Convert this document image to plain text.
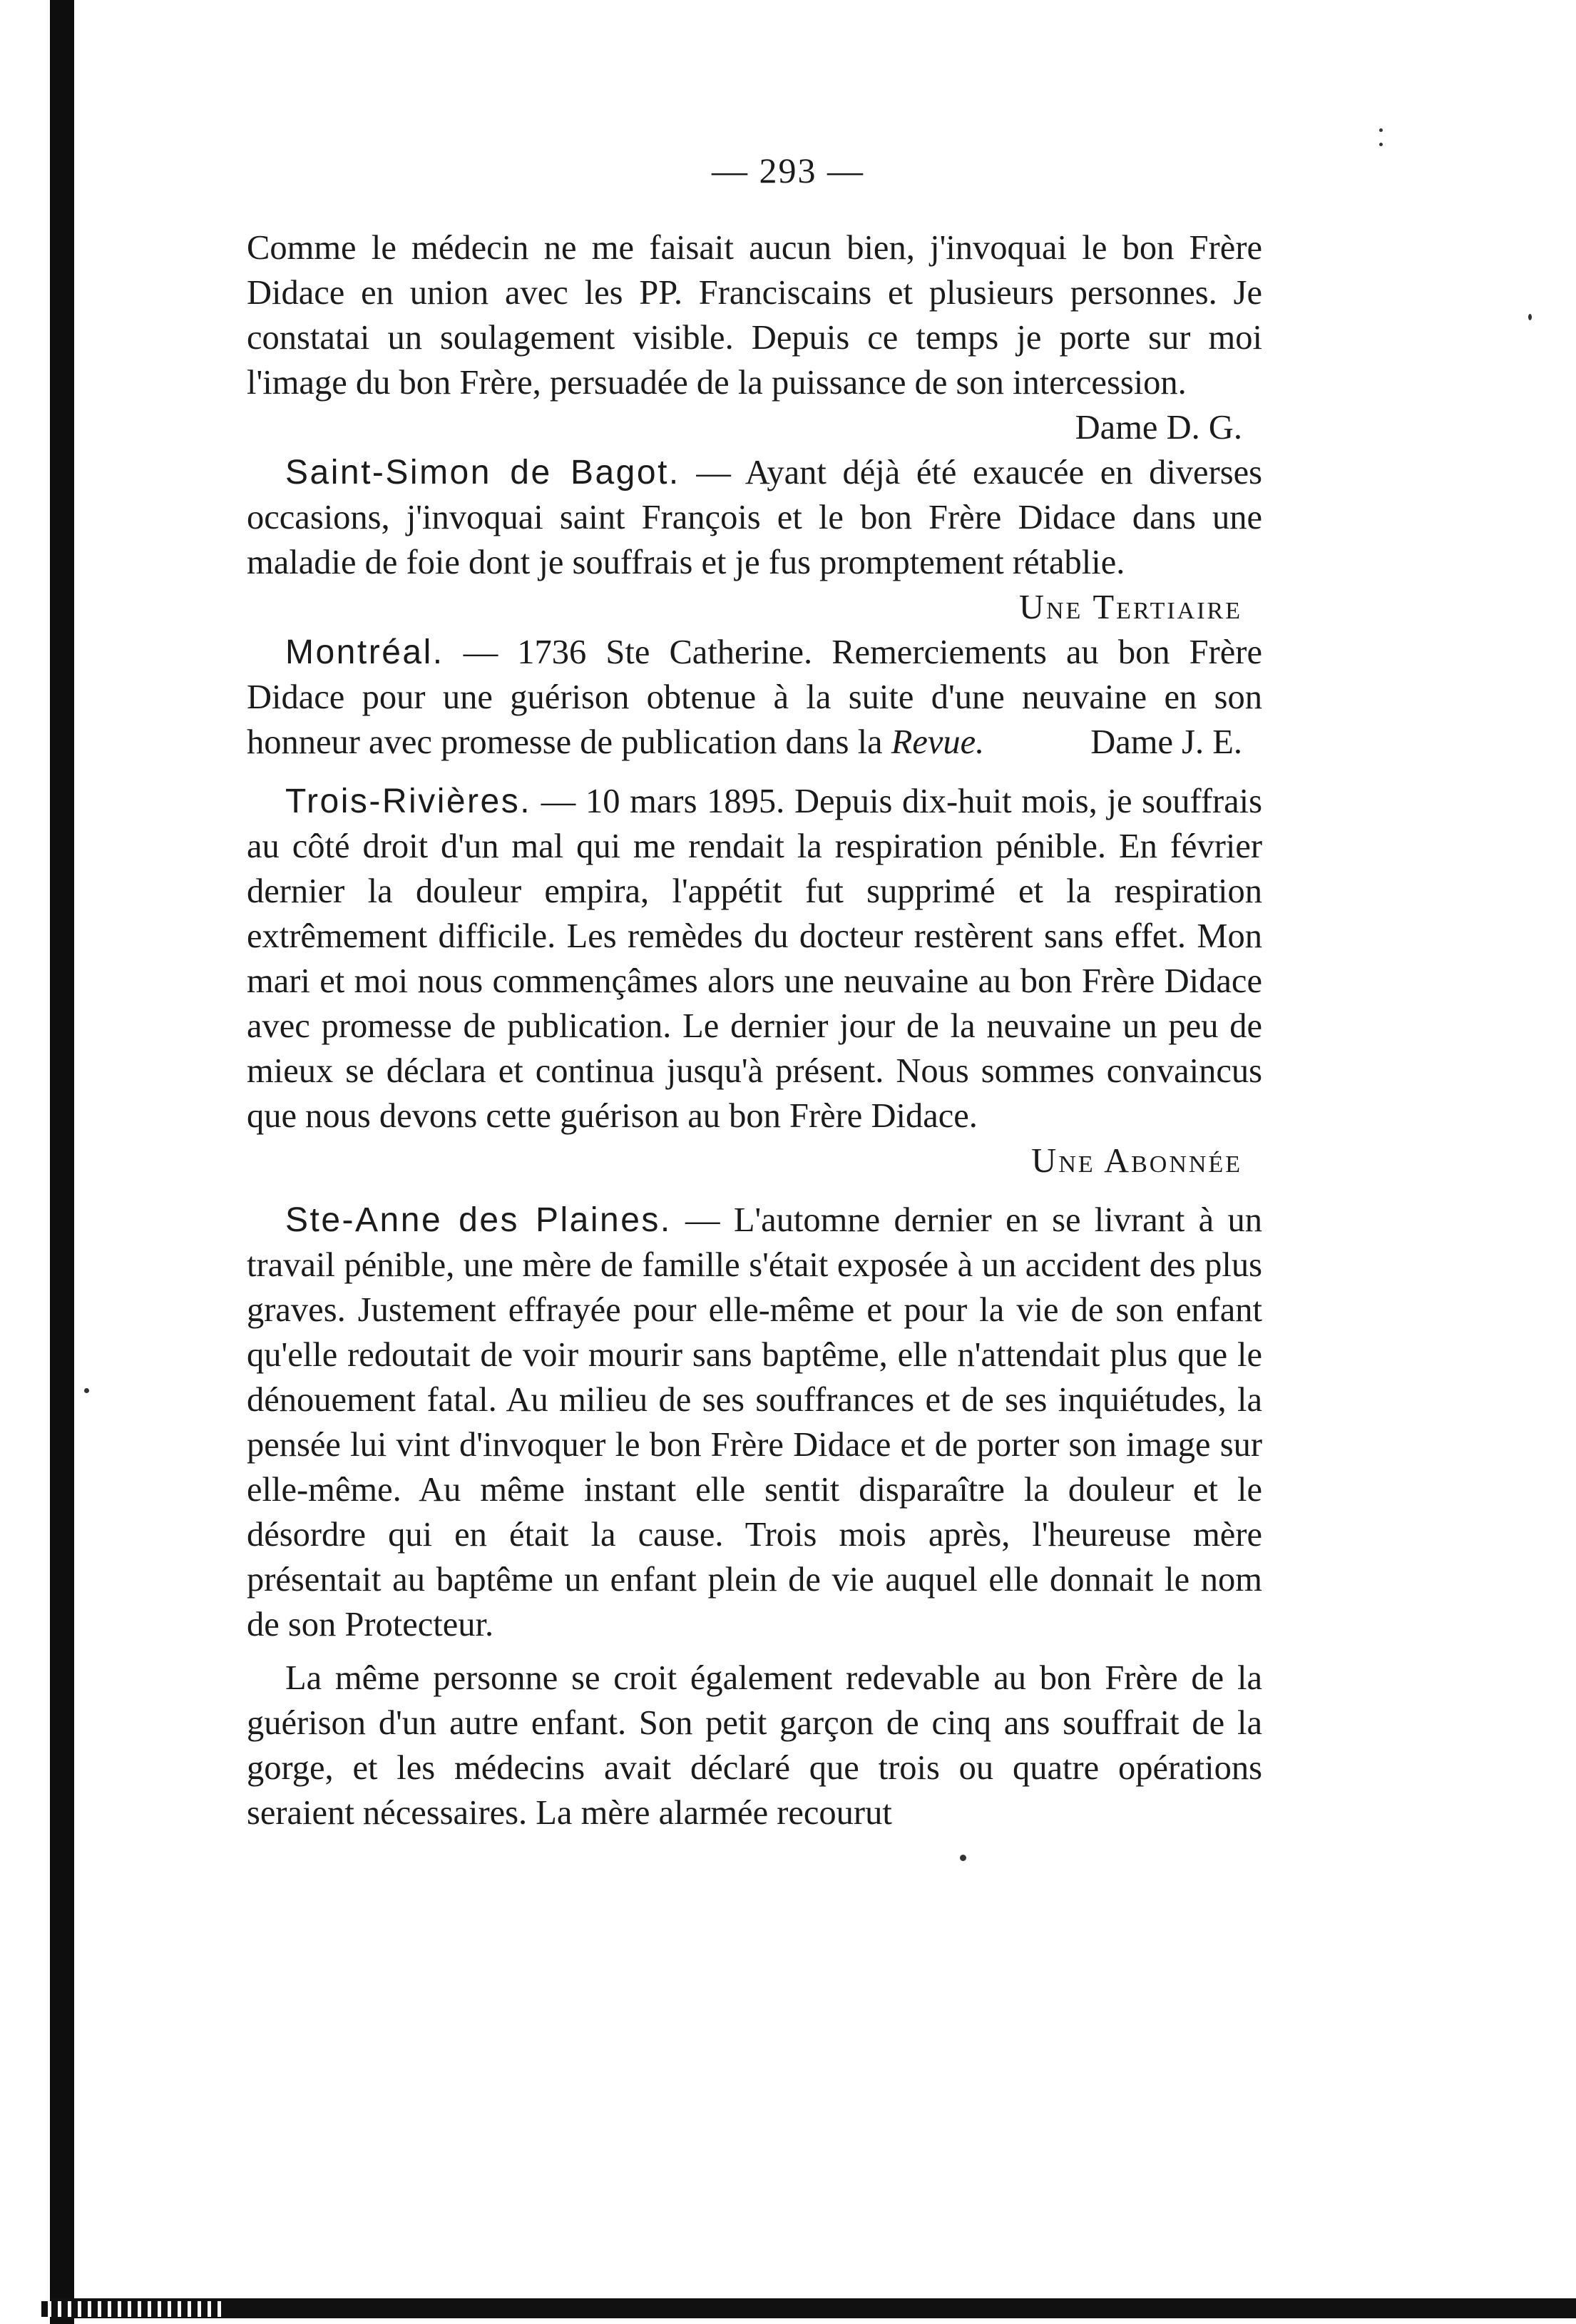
— 293 —

Comme le médecin ne me faisait aucun bien, j'invoquai le bon Frère Didace en union avec les PP. Franciscains et plusieurs personnes. Je constatai un soulagement visible. Depuis ce temps je porte sur moi l'image du bon Frère, persuadée de la puissance de son intercession.
Dame D. G.

Saint-Simon de Bagot. — Ayant déjà été exaucée en diverses occasions, j'invoquai saint François et le bon Frère Didace dans une maladie de foie dont je souffrais et je fus promptement rétablie.
Une Tertiaire

Montréal. — 1736 Ste Catherine. Remerciements au bon Frère Didace pour une guérison obtenue à la suite d'une neuvaine en son honneur avec promesse de publication dans la Revue.	Dame J. E.

Trois-Rivières. — 10 mars 1895. Depuis dix-huit mois, je souffrais au côté droit d'un mal qui me rendait la respiration pénible. En février dernier la douleur empira, l'appétit fut supprimé et la respiration extrêmement difficile. Les remèdes du docteur restèrent sans effet. Mon mari et moi nous commençâmes alors une neuvaine au bon Frère Didace avec promesse de publication. Le dernier jour de la neuvaine un peu de mieux se déclara et continua jusqu'à présent. Nous sommes convaincus que nous devons cette guérison au bon Frère Didace.
Une Abonnée

Ste-Anne des Plaines. — L'automne dernier en se livrant à un travail pénible, une mère de famille s'était exposée à un accident des plus graves. Justement effrayée pour elle-même et pour la vie de son enfant qu'elle redoutait de voir mourir sans baptême, elle n'attendait plus que le dénouement fatal. Au milieu de ses souffrances et de ses inquiétudes, la pensée lui vint d'invoquer le bon Frère Didace et de porter son image sur elle-même. Au même instant elle sentit disparaître la douleur et le désordre qui en était la cause. Trois mois après, l'heureuse mère présentait au baptême un enfant plein de vie auquel elle donnait le nom de son Protecteur.

La même personne se croit également redevable au bon Frère de la guérison d'un autre enfant. Son petit garçon de cinq ans souffrait de la gorge, et les médecins avait déclaré que trois ou quatre opérations seraient nécessaires. La mère alarmée recourut
